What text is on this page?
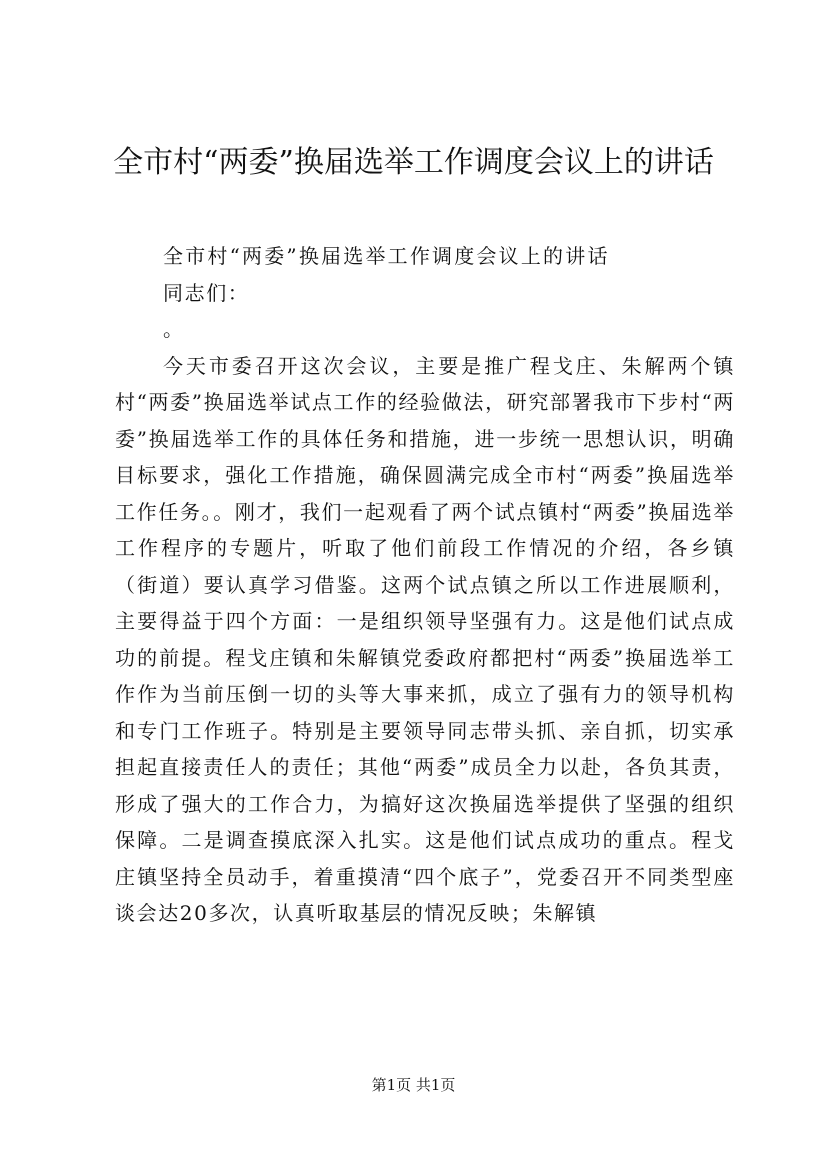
全市村“两委”换届选举工作调度会议上的讲话

全市村“两委”换届选举工作调度会议上的讲话

同志们：

。

今天市委召开这次会议，主要是推广程戈庄、朱解两个镇村“两委”换届选举试点工作的经验做法，研究部署我市下步村“两委”换届选举工作的具体任务和措施，进一步统一思想认识，明确目标要求，强化工作措施，确保圆满完成全市村“两委”换届选举工作任务。。刚才，我们一起观看了两个试点镇村“两委”换届选举工作程序的专题片，听取了他们前段工作情况的介绍，各乡镇（街道）要认真学习借鉴。这两个试点镇之所以工作进展顺利，主要得益于四个方面：一是组织领导坚强有力。这是他们试点成功的前提。程戈庄镇和朱解镇党委政府都把村“两委”换届选举工作作为当前压倒一切的头等大事来抓，成立了强有力的领导机构和专门工作班子。特别是主要领导同志带头抓、亲自抓，切实承担起直接责任人的责任；其他“两委”成员全力以赴，各负其责，形成了强大的工作合力，为搞好这次换届选举提供了坚强的组织保障。二是调查摸底深入扎实。这是他们试点成功的重点。程戈庄镇坚持全员动手，着重摸清“四个底子”，党委召开不同类型座谈会达20多次，认真听取基层的情况反映；朱解镇

第1页 共1页
